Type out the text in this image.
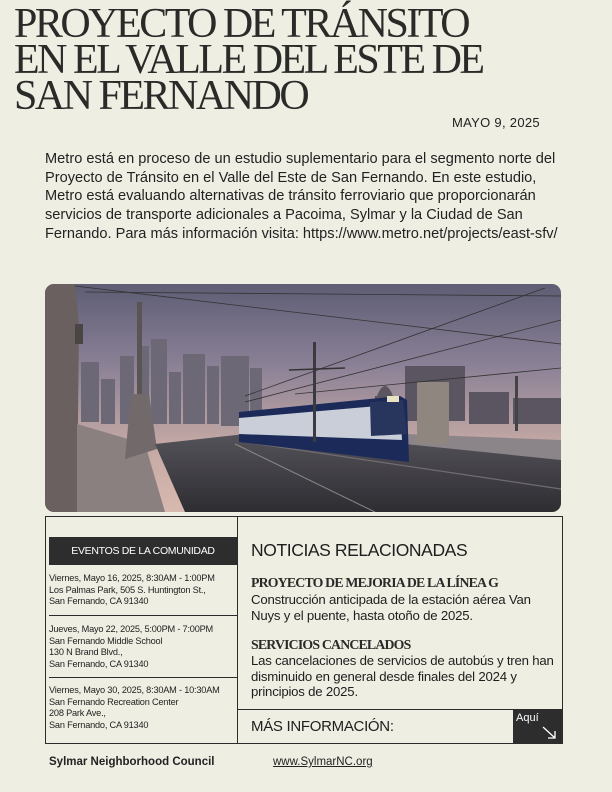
PROYECTO DE TRÁNSITO
EN EL VALLE DEL ESTE DE
SAN FERNANDO
MAYO 9, 2025

Metro está en proceso de un estudio suplementario para el segmento norte del Proyecto de Tránsito en el Valle del Este de San Fernando. En este estudio, Metro está evaluando alternativas de tránsito ferroviario que proporcionarán servicios de transporte adicionales a Pacoima, Sylmar y la Ciudad de San Fernando. Para más información visita: https://www.metro.net/projects/east-sfv/

EVENTOS DE LA COMUNIDAD
Viernes, Mayo 16, 2025, 8:30AM - 1:00PM
Los Palmas Park, 505 S. Huntington St.,
San Fernando, CA 91340
Jueves, Mayo 22, 2025, 5:00PM - 7:00PM
San Fernando Middle School
130 N Brand Blvd.,
San Fernando, CA 91340
Viernes, Mayo 30, 2025, 8:30AM - 10:30AM
San Fernando Recreation Center
208 Park Ave.,
San Fernando, CA 91340
NOTICIAS RELACIONADAS
PROYECTO DE MEJORIA DE LA LÍNEA G
Construcción anticipada de la estación aérea Van Nuys y el puente, hasta otoño de 2025.
SERVICIOS CANCELADOS
Las cancelaciones de servicios de autobús y tren han disminuido en general desde finales del 2024 y principios de 2025.
MÁS INFORMACIÓN:	Aquí
Sylmar Neighborhood Council	www.SylmarNC.org
